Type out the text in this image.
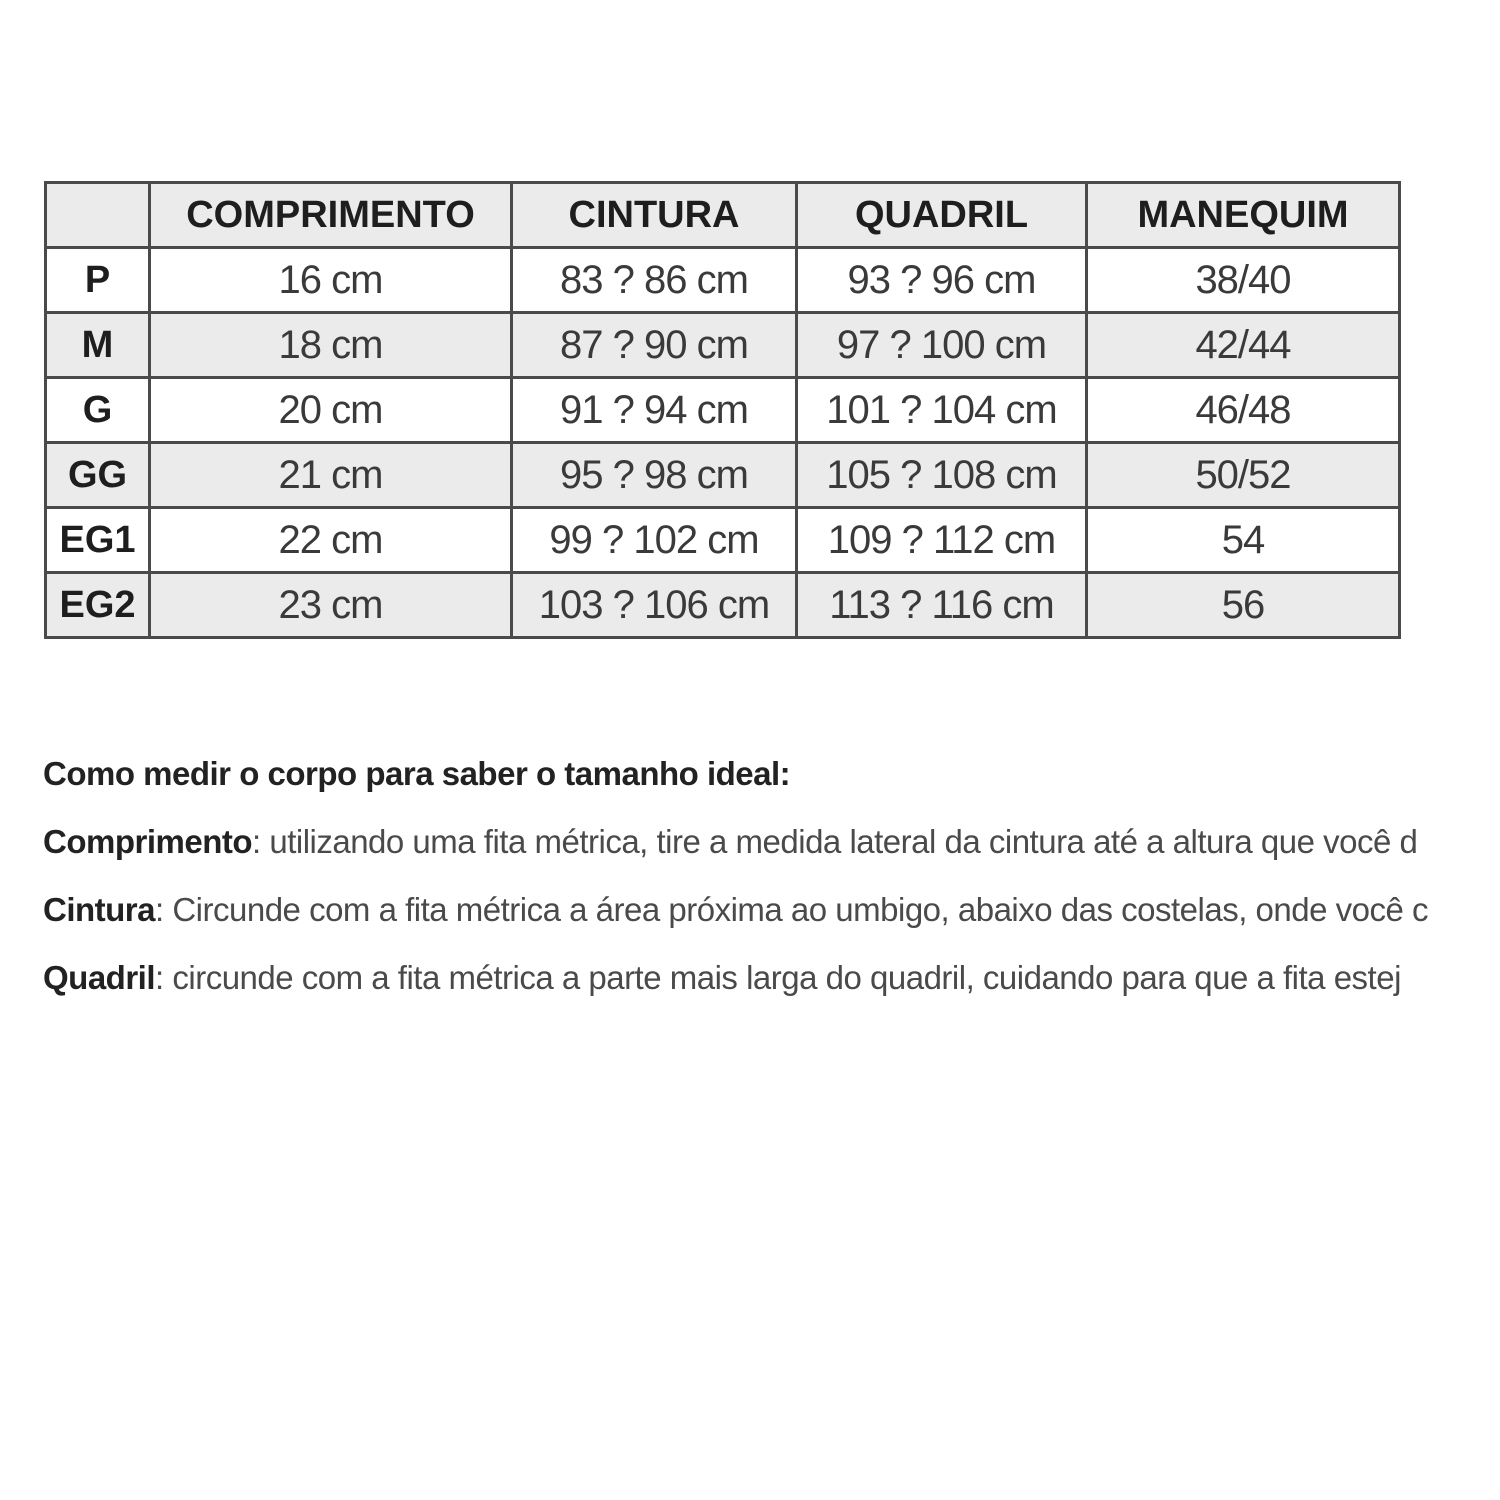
	COMPRIMENTO	CINTURA	QUADRIL	MANEQUIM
P	16 cm	83 ? 86 cm	93 ? 96 cm	38/40
M	18 cm	87 ? 90 cm	97 ? 100 cm	42/44
G	20 cm	91 ? 94 cm	101 ? 104 cm	46/48
GG	21 cm	95 ? 98 cm	105 ? 108 cm	50/52
EG1	22 cm	99 ? 102 cm	109 ? 112 cm	54
EG2	23 cm	103 ? 106 cm	113 ? 116 cm	56

Como medir o corpo para saber o tamanho ideal:

Comprimento: utilizando uma fita métrica, tire a medida lateral da cintura até a altura que você d

Cintura: Circunde com a fita métrica a área próxima ao umbigo, abaixo das costelas, onde você c

Quadril: circunde com a fita métrica a parte mais larga do quadril, cuidando para que a fita estej
